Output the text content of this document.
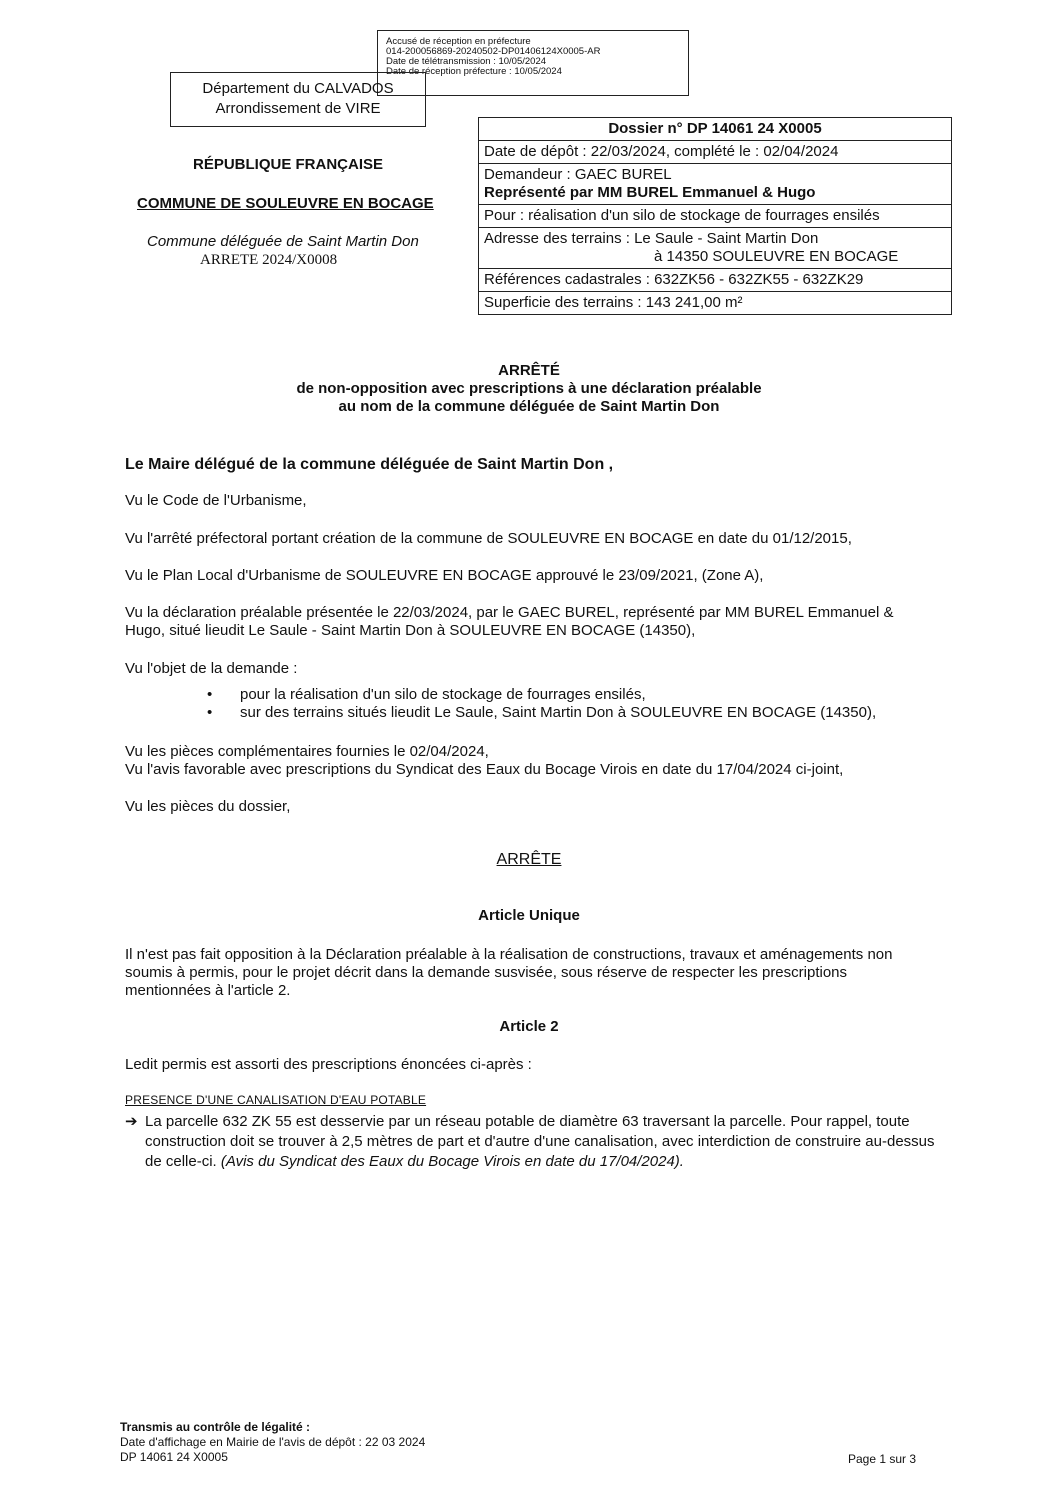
Accusé de réception en préfecture
014-200056869-20240502-DP01406124X0005-AR
Date de télétransmission : 10/05/2024
Date de réception préfecture : 10/05/2024
Département du CALVADOS
Arrondissement de VIRE
RÉPUBLIQUE FRANÇAISE
COMMUNE DE SOULEUVRE EN BOCAGE
Commune déléguée de Saint Martin Don
ARRETE 2024/X0008
Dossier n° DP 14061 24 X0005
Date de dépôt : 22/03/2024, complété le : 02/04/2024
Demandeur : GAEC BUREL
Représenté par MM BUREL Emmanuel & Hugo
Pour : réalisation d'un silo de stockage de fourrages ensilés
Adresse des terrains : Le Saule - Saint Martin Don
à 14350 SOULEUVRE EN BOCAGE
Références cadastrales : 632ZK56 - 632ZK55 - 632ZK29
Superficie des terrains : 143 241,00 m²
ARRÊTÉ
de non-opposition avec prescriptions à une déclaration préalable
au nom de la commune déléguée de Saint Martin Don
Le Maire délégué de la commune déléguée de Saint Martin Don ,
Vu le Code de l'Urbanisme,
Vu l'arrêté préfectoral portant création de la commune de SOULEUVRE EN BOCAGE en date du 01/12/2015,
Vu le Plan Local d'Urbanisme de SOULEUVRE EN BOCAGE approuvé le 23/09/2021, (Zone A),
Vu la déclaration préalable présentée le 22/03/2024, par le GAEC BUREL, représenté par MM BUREL Emmanuel & Hugo, situé lieudit Le Saule - Saint Martin Don à SOULEUVRE EN BOCAGE (14350),
Vu l'objet de la demande :
• pour la réalisation d'un silo de stockage de fourrages ensilés,
• sur des terrains situés lieudit Le Saule, Saint Martin Don à SOULEUVRE EN BOCAGE (14350),
Vu les pièces complémentaires fournies le 02/04/2024,
Vu l'avis favorable avec prescriptions du Syndicat des Eaux du Bocage Virois en date du 17/04/2024 ci-joint,
Vu les pièces du dossier,
ARRÊTE
Article Unique
Il n'est pas fait opposition à la Déclaration préalable à la réalisation de constructions, travaux et aménagements non soumis à permis, pour le projet décrit dans la demande susvisée, sous réserve de respecter les prescriptions mentionnées à l'article 2.
Article 2
Ledit permis est assorti des prescriptions énoncées ci-après :
PRESENCE D'UNE CANALISATION D'EAU POTABLE
➔ La parcelle 632 ZK 55 est desservie par un réseau potable de diamètre 63 traversant la parcelle. Pour rappel, toute construction doit se trouver à 2,5 mètres de part et d'autre d'une canalisation, avec interdiction de construire au-dessus de celle-ci. (Avis du Syndicat des Eaux du Bocage Virois en date du 17/04/2024).
Transmis au contrôle de légalité :
Date d'affichage en Mairie de l'avis de dépôt : 22 03 2024
DP 14061 24 X0005	Page 1 sur 3
